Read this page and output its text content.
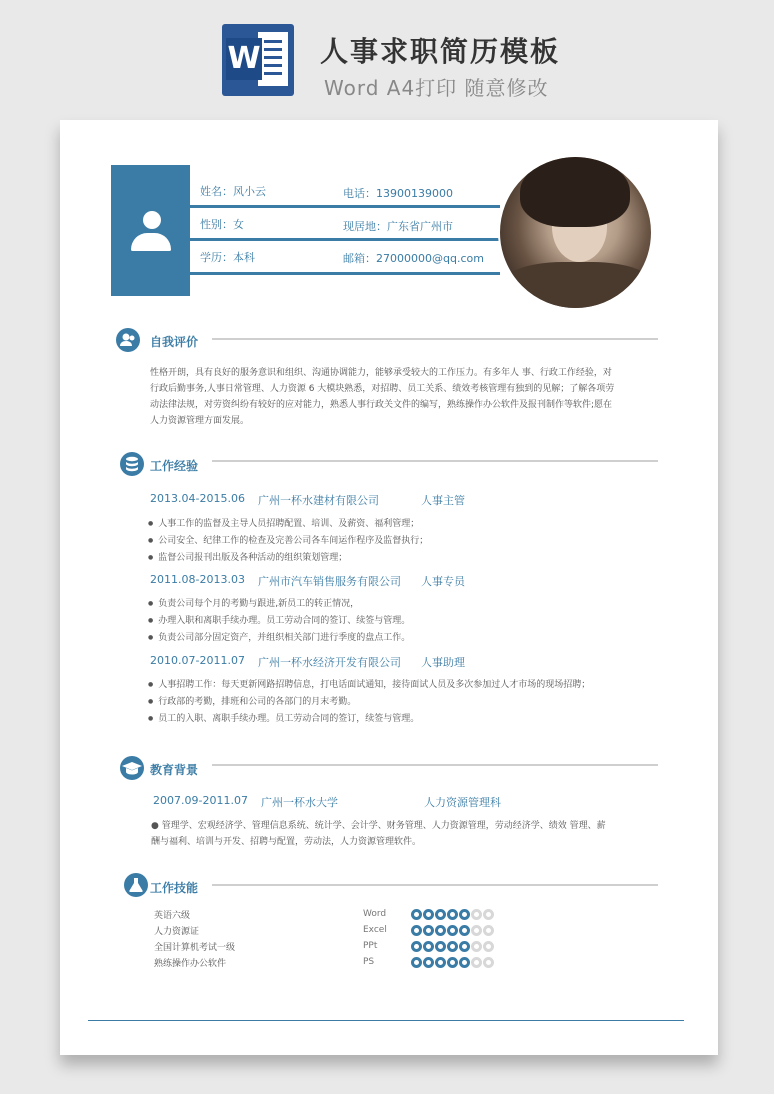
W 人事求职简历模板
Word A4打印 随意修改
姓名：风小云
性别：女
学历：本科
电话：13900139000
现居地：广东省广州市
邮箱：27000000@qq.com
自我评价
性格开朗，具有良好的服务意识和组织、沟通协调能力，能够承受较大的工作压力。有多年人 事、行政工作经验，对
行政后勤事务,人事日常管理、人力资源 6 大模块熟悉，对招聘、员工关系、绩效考核管理有独到的见解；了解各项劳
动法律法规，对劳资纠纷有较好的应对能力，熟悉人事行政关文件的编写，熟练操作办公软件及报刊制作等软件;愿在
人力资源管理方面发展。
工作经验
2013.04-2015.06 广州一杯水建材有限公司	人事主管
● 人事工作的监督及主导人员招聘配置、培训、及薪资、福利管理；
● 公司安全、纪律工作的检查及完善公司各车间运作程序及监督执行；
● 监督公司报刊出版及各种活动的组织策划管理；
2011.08-2013.03 广州市汽车销售服务有限公司 人事专员
● 负责公司每个月的考勤与跟进,新员工的转正情况，
● 办理入职和离职手续办理。员工劳动合同的签订、续签与管理。
● 负责公司部分固定资产，并组织相关部门进行季度的盘点工作。
2010.07-2011.07 广州一杯水经济开发有限公司 人事助理
● 人事招聘工作：每天更新网路招聘信息，打电话面试通知，接待面试人员及多次参加过人才市场的现场招聘；
● 行政部的考勤，排班和公司的各部门的月末考勤。
● 员工的入职、离职手续办理。员工劳动合同的签订，续签与管理。
教育背景
2007.09-2011.07 广州一杯水大学	人力资源管理科
● 管理学、宏观经济学、管理信息系统、统计学、会计学、财务管理、人力资源管理，劳动经济学、绩效 管理、薪
酬与福利、培训与开发、招聘与配置，劳动法，人力资源管理软件。
工作技能
英语六级
人力资源证
全国计算机考试一级
熟练操作办公软件
Word
Excel
PPt
PS
